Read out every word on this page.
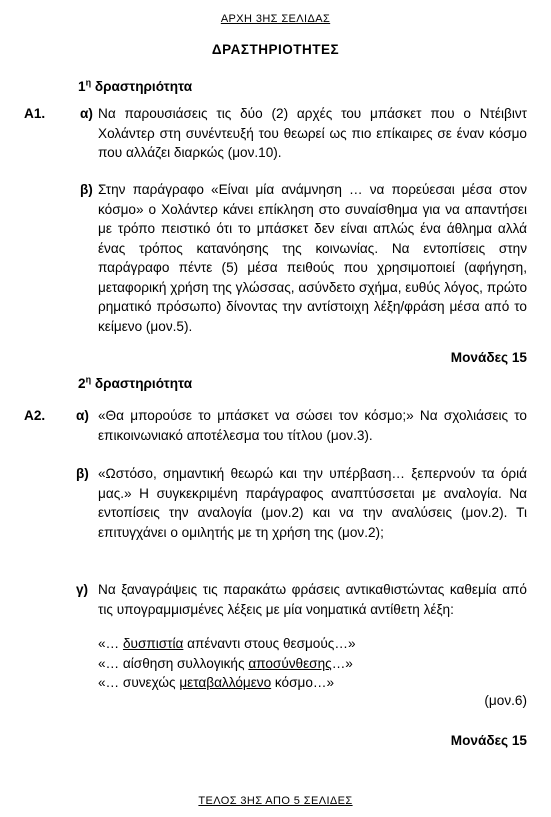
ΑΡΧΗ 3ΗΣ ΣΕΛΙΔΑΣ
ΔΡΑΣΤΗΡΙΟΤΗΤΕΣ
$1^\eta$ δραστηριότητα
Α1.	α) Να παρουσιάσεις τις δύο (2) αρχές του μπάσκετ που ο Ντέιβιντ Χολάντερ στη συνέντευξή του θεωρεί ως πιο επίκαιρες σε έναν κόσμο που αλλάζει διαρκώς (μον.10).
β) Στην παράγραφο «Είναι μία ανάμνηση … να πορεύεσαι μέσα στον κόσμο» ο Χολάντερ κάνει επίκληση στο συναίσθημα για να απαντήσει με τρόπο πειστικό ότι το μπάσκετ δεν είναι απλώς ένα άθλημα αλλά ένας τρόπος κατανόησης της κοινωνίας. Να εντοπίσεις στην παράγραφο πέντε (5) μέσα πειθούς που χρησιμοποιεί (αφήγηση, μεταφορική χρήση της γλώσσας, ασύνδετο σχήμα, ευθύς λόγος, πρώτο ρηματικό πρόσωπο) δίνοντας την αντίστοιχη λέξη/φράση μέσα από το κείμενο (μον.5).
Μονάδες 15
$2^\eta$ δραστηριότητα
Α2. α) «Θα μπορούσε το μπάσκετ να σώσει τον κόσμο;» Να σχολιάσεις το επικοινωνιακό αποτέλεσμα του τίτλου (μον.3).
β) «Ωστόσο, σημαντική θεωρώ και την υπέρβαση… ξεπερνούν τα όριά μας.» Η συγκεκριμένη παράγραφος αναπτύσσεται με αναλογία. Να εντοπίσεις την αναλογία (μον.2) και να την αναλύσεις (μον.2). Τι επιτυγχάνει ο ομιλητής με τη χρήση της (μον.2);
γ) Να ξαναγράψεις τις παρακάτω φράσεις αντικαθιστώντας καθεμία από τις υπογραμμισμένες λέξεις με μία νοηματικά αντίθετη λέξη:
«… δυσπιστία απέναντι στους θεσμούς…»
«… αίσθηση συλλογικής αποσύνθεσης…»
«… συνεχώς μεταβαλλόμενο κόσμο…»
(μον.6)
Μονάδες 15
ΤΕΛΟΣ 3ΗΣ ΑΠΟ 5 ΣΕΛΙΔΕΣ
